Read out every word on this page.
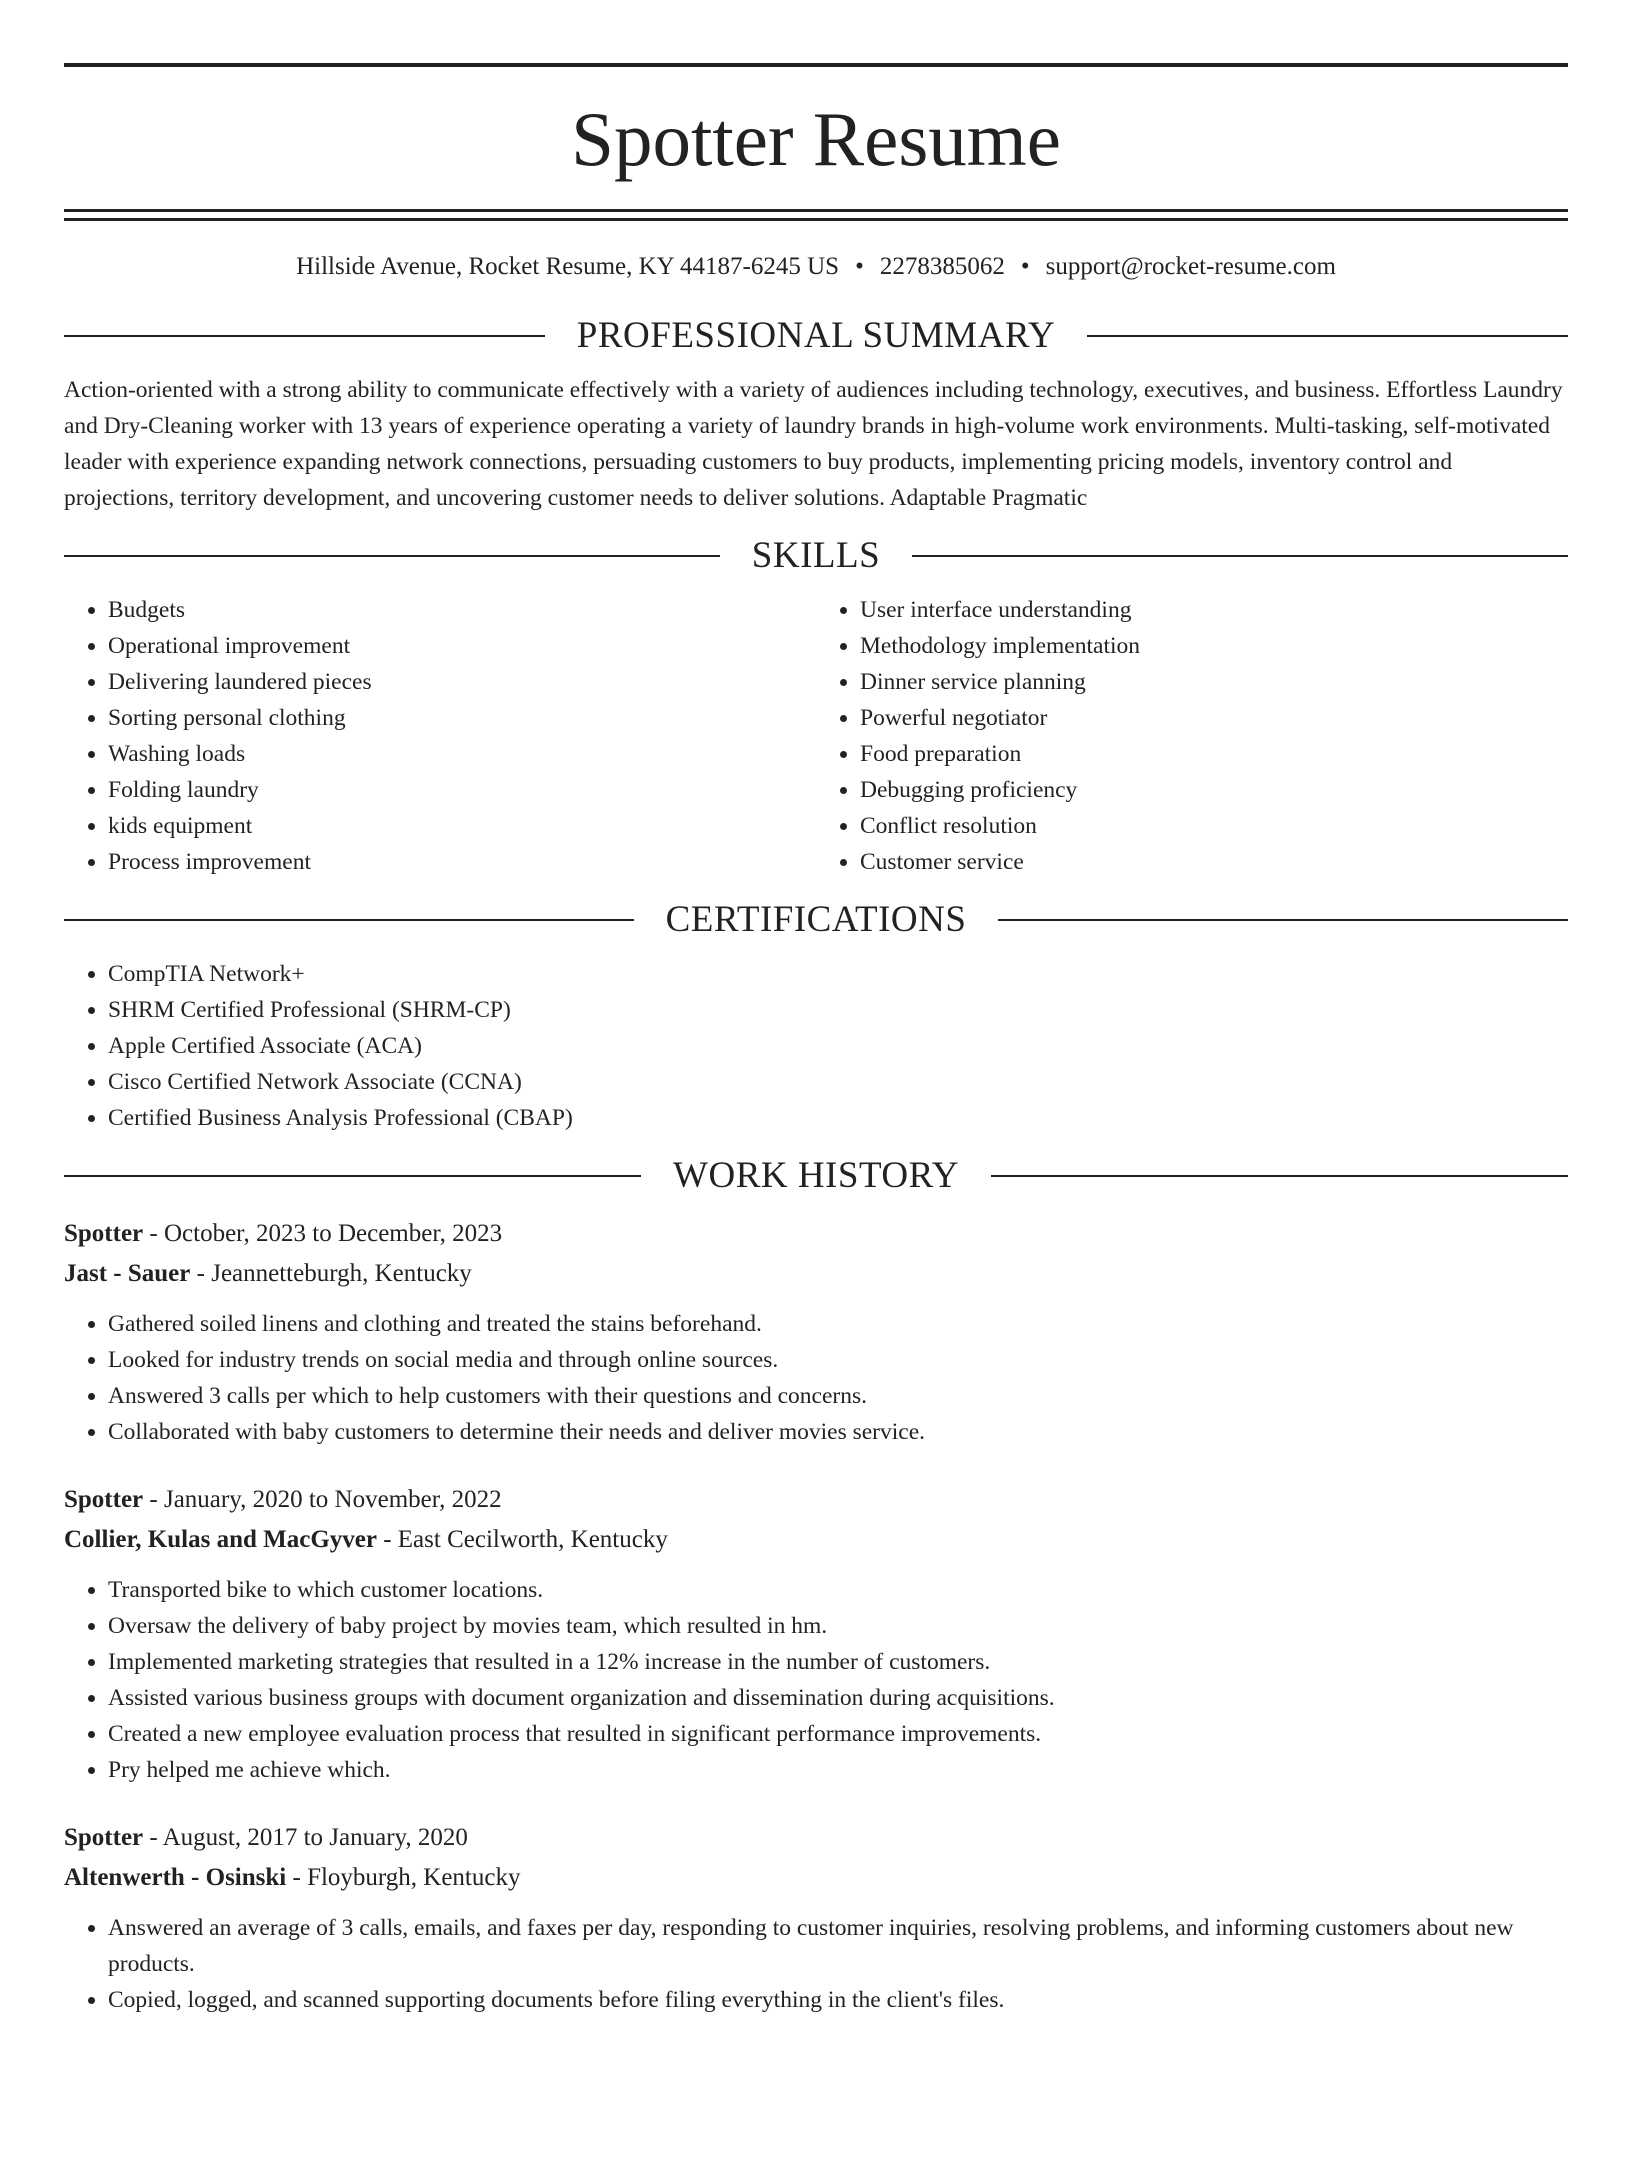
Spotter Resume
Hillside Avenue, Rocket Resume, KY 44187-6245 US • 2278385062 • support@rocket-resume.com
PROFESSIONAL SUMMARY

Action-oriented with a strong ability to communicate effectively with a variety of audiences including technology, executives, and business. Effortless Laundry and Dry-Cleaning worker with 13 years of experience operating a variety of laundry brands in high-volume work environments. Multi-tasking, self-motivated leader with experience expanding network connections, persuading customers to buy products, implementing pricing models, inventory control and projections, territory development, and uncovering customer needs to deliver solutions. Adaptable Pragmatic

SKILLS
• Budgets
• Operational improvement
• Delivering laundered pieces
• Sorting personal clothing
• Washing loads
• Folding laundry
• kids equipment
• Process improvement
• User interface understanding
• Methodology implementation
• Dinner service planning
• Powerful negotiator
• Food preparation
• Debugging proficiency
• Conflict resolution
• Customer service
CERTIFICATIONS
• CompTIA Network+
• SHRM Certified Professional (SHRM-CP)
• Apple Certified Associate (ACA)
• Cisco Certified Network Associate (CCNA)
• Certified Business Analysis Professional (CBAP)
WORK HISTORY
Spotter - October, 2023 to December, 2023
Jast - Sauer - Jeannetteburgh, Kentucky
• Gathered soiled linens and clothing and treated the stains beforehand.
• Looked for industry trends on social media and through online sources.
• Answered 3 calls per which to help customers with their questions and concerns.
• Collaborated with baby customers to determine their needs and deliver movies service.
Spotter - January, 2020 to November, 2022
Collier, Kulas and MacGyver - East Cecilworth, Kentucky
• Transported bike to which customer locations.
• Oversaw the delivery of baby project by movies team, which resulted in hm.
• Implemented marketing strategies that resulted in a 12% increase in the number of customers.
• Assisted various business groups with document organization and dissemination during acquisitions.
• Created a new employee evaluation process that resulted in significant performance improvements.
• Pry helped me achieve which.
Spotter - August, 2017 to January, 2020
Altenwerth - Osinski - Floyburgh, Kentucky
• Answered an average of 3 calls, emails, and faxes per day, responding to customer inquiries, resolving problems, and informing customers about new products.
• Copied, logged, and scanned supporting documents before filing everything in the client's files.
